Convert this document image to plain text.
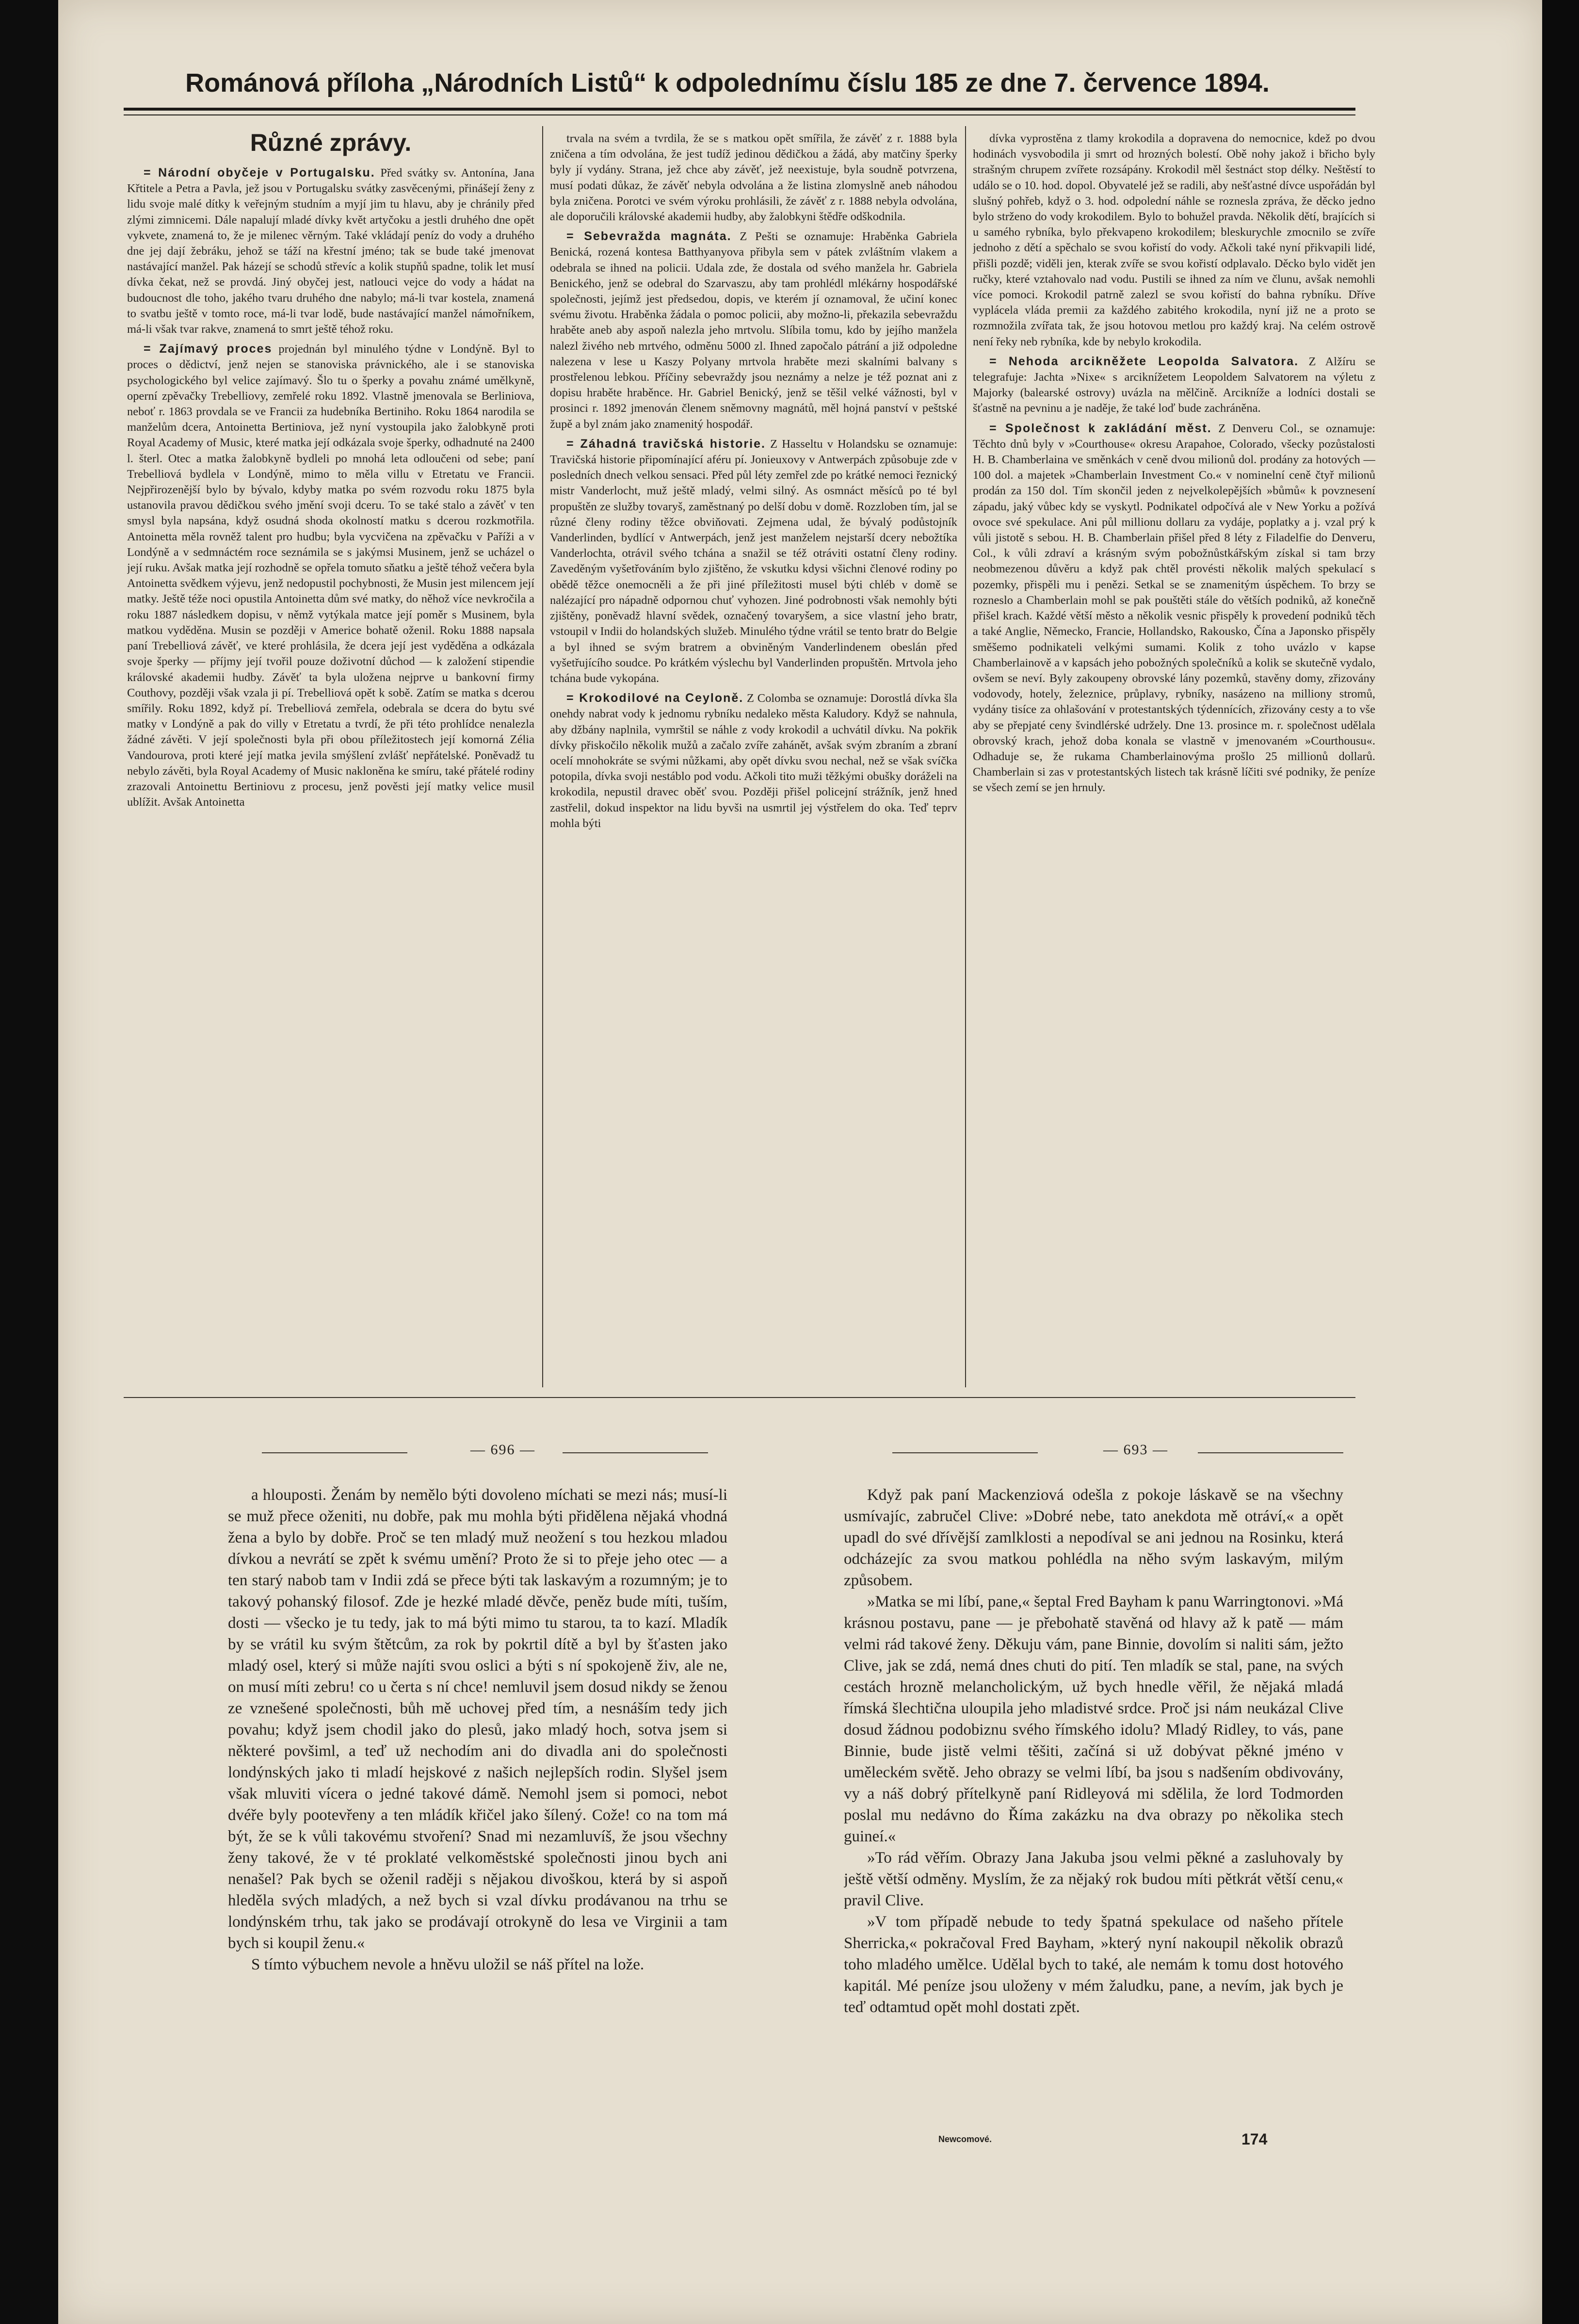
Románová příloha „Národních Listů“ k odpolednímu číslu 185 ze dne 7. července 1894.
Různé zprávy.

= Národní obyčeje v Portugalsku. Před svátky sv. Antonína, Jana Křtitele a Petra a Pavla, jež jsou v Portugalsku svátky zasvěcenými, přinášejí ženy z lidu svoje malé dítky k veřejným studním a myjí jim tu hlavu, aby je chránily před zlými zimnicemi. Dále napalují mladé dívky květ artyčoku a jestli druhého dne opět vykvete, znamená to, že je milenec věrným. Také vkládají peníz do vody a druhého dne jej dají žebráku, jehož se táží na křestní jméno; tak se bude také jmenovat nastávající manžel. Pak házejí se schodů střevíc a kolik stupňů spadne, tolik let musí dívka čekat, než se provdá. Jiný obyčej jest, natlouci vejce do vody a hádat na budoucnost dle toho, jakého tvaru druhého dne nabylo; má-li tvar kostela, znamená to svatbu ještě v tomto roce, má-li tvar lodě, bude nastávající manžel námořníkem, má-li však tvar rakve, znamená to smrt ještě téhož roku.

= Zajímavý proces projednán byl minulého týdne v Londýně. Byl to proces o dědictví, jenž nejen se stanoviska právnického, ale i se stanoviska psychologického byl velice zajímavý. Šlo tu o šperky a povahu známé umělkyně, operní zpěvačky Trebelliovy, zemřelé roku 1892. Vlastně jmenovala se Berliniova, neboť r. 1863 provdala se ve Francii za hudebníka Bertiniho. Roku 1864 narodila se manželům dcera, Antoinetta Bertiniova, jež nyní vystoupila jako žalobkyně proti Royal Academy of Music, které matka její odkázala svoje šperky, odhadnuté na 2400 l. šterl. Otec a matka žalobkyně bydleli po mnohá leta odloučeni od sebe; paní Trebelliová bydlela v Londýně, mimo to měla villu v Etretatu ve Francii. Nejpřirozenější bylo by bývalo, kdyby matka po svém rozvodu roku 1875 byla ustanovila pravou dědičkou svého jmění svoji dceru. To se také stalo a závěť v ten smysl byla napsána, když osudná shoda okolností matku s dcerou rozkmotřila. Antoinetta měla rovněž talent pro hudbu; byla vycvičena na zpěvačku v Paříži a v Londýně a v sedmnáctém roce seznámila se s jakýmsi Musinem, jenž se ucházel o její ruku. Avšak matka její rozhodně se opřela tomuto sňatku a ještě téhož večera byla Antoinetta svědkem výjevu, jenž nedopustil pochybnosti, že Musin jest milencem její matky. Ještě téže noci opustila Antoinetta dům své matky, do něhož více nevkročila a roku 1887 následkem dopisu, v němž vytýkala matce její poměr s Musinem, byla matkou vyděděna. Musin se později v Americe bohatě oženil. Roku 1888 napsala paní Trebelliová závěť, ve které prohlásila, že dcera její jest vyděděna a odkázala svoje šperky — příjmy její tvořil pouze doživotní důchod — k založení stipendie královské akademii hudby. Závěť ta byla uložena nejprve u bankovní firmy Couthovy, později však vzala ji pí. Trebelliová opět k sobě. Zatím se matka s dcerou smířily. Roku 1892, když pí. Trebelliová zemřela, odebrala se dcera do bytu své matky v Londýně a pak do villy v Etretatu a tvrdí, že při této prohlídce nenalezla žádné závěti. V její společnosti byla při obou příležitostech její komorná Zélia Vandourova, proti které její matka jevila smýšlení zvlášť nepřátelské. Poněvadž tu nebylo závěti, byla Royal Academy of Music nakloněna ke smíru, také přátelé rodiny zrazovali Antoinettu Bertiniovu z procesu, jenž pověsti její matky velice musil ublížit. Avšak Antoinetta

trvala na svém a tvrdila, že se s matkou opět smířila, že závěť z r. 1888 byla zničena a tím odvolána, že jest tudíž jedinou dědičkou a žádá, aby matčiny šperky byly jí vydány. Strana, jež chce aby závěť, jež neexistuje, byla soudně potvrzena, musí podati důkaz, že závěť nebyla odvolána a že listina zlomyslně aneb náhodou byla zničena. Porotci ve svém výroku prohlásili, že závěť z r. 1888 nebyla odvolána, ale doporučili královské akademii hudby, aby žalobkyni štědře odškodnila.

= Sebevražda magnáta. Z Pešti se oznamuje: Hraběnka Gabriela Benická, rozená kontesa Batthyanyova přibyla sem v pátek zvláštním vlakem a odebrala se ihned na policii. Udala zde, že dostala od svého manžela hr. Gabriela Benického, jenž se odebral do Szarvaszu, aby tam prohlédl mlékárny hospodářské společnosti, jejímž jest předsedou, dopis, ve kterém jí oznamoval, že učiní konec svému životu. Hraběnka žádala o pomoc policii, aby možno-li, překazila sebevraždu hraběte aneb aby aspoň nalezla jeho mrtvolu. Slíbila tomu, kdo by jejího manžela nalezl živého neb mrtvého, odměnu 5000 zl. Ihned započalo pátrání a již odpoledne nalezena v lese u Kaszy Polyany mrtvola hraběte mezi skalními balvany s prostřelenou lebkou. Příčiny sebevraždy jsou neznámy a nelze je též poznat ani z dopisu hraběte hraběnce. Hr. Gabriel Benický, jenž se těšil velké vážnosti, byl v prosinci r. 1892 jmenován členem sněmovny magnátů, měl hojná panství v peštské župě a byl znám jako znamenitý hospodář.

= Záhadná travičská historie. Z Hasseltu v Holandsku se oznamuje: Travičská historie připomínající aféru pí. Jonieuxovy v Antwerpách způsobuje zde v posledních dnech velkou sensaci. Před půl léty zemřel zde po krátké nemoci řeznický mistr Vanderlocht, muž ještě mladý, velmi silný. As osmnáct měsíců po té byl propuštěn ze služby tovaryš, zaměstnaný po delší dobu v domě. Rozzloben tím, jal se různé členy rodiny těžce obviňovati. Zejmena udal, že bývalý podůstojník Vanderlinden, bydlící v Antwerpách, jenž jest manželem nejstarší dcery nebožtíka Vanderlochta, otrávil svého tchána a snažil se též otráviti ostatní členy rodiny. Zaveděným vyšetřováním bylo zjištěno, že vskutku kdysi všichni členové rodiny po obědě těžce onemocněli a že při jiné příležitosti musel býti chléb v domě se nalézající pro nápadně odpornou chuť vyhozen. Jiné podrobnosti však nemohly býti zjištěny, poněvadž hlavní svědek, označený tovaryšem, a sice vlastní jeho bratr, vstoupil v Indii do holandských služeb. Minulého týdne vrátil se tento bratr do Belgie a byl ihned se svým bratrem a obviněným Vanderlindenem obeslán před vyšetřujícího soudce. Po krátkém výslechu byl Vanderlinden propuštěn. Mrtvola jeho tchána bude vykopána.

= Krokodilové na Ceyloně. Z Colomba se oznamuje: Dorostlá dívka šla onehdy nabrat vody k jednomu rybníku nedaleko města Kaludory. Když se nahnula, aby džbány naplnila, vymrštil se náhle z vody krokodil a uchvátil dívku. Na pokřik dívky přiskočilo několik mužů a začalo zvíře zahánět, avšak svým zbraním a zbraní ocelí mnohokráte se svými nůžkami, aby opět dívku svou nechal, než se však svíčka potopila, dívka svoji nestáblo pod vodu. Ačkoli tito muži těžkými obušky doráželi na krokodila, nepustil dravec oběť svou. Později přišel policejní strážník, jenž hned zastřelil, dokud inspektor na lidu byvši na usmrtil jej výstřelem do oka. Teď teprv mohla býti

dívka vyprostěna z tlamy krokodila a dopravena do nemocnice, kdež po dvou hodinách vysvobodila ji smrt od hrozných bolestí. Obě nohy jakož i břicho byly strašným chrupem zvířete rozsápány. Krokodil měl šestnáct stop délky. Neštěstí to událo se o 10. hod. dopol. Obyvatelé jež se radili, aby nešťastné dívce uspořádán byl slušný pohřeb, když o 3. hod. odpolední náhle se roznesla zpráva, že děcko jedno bylo strženo do vody krokodilem. Bylo to bohužel pravda. Několik dětí, brajících si u samého rybníka, bylo překvapeno krokodilem; bleskurychle zmocnilo se zvíře jednoho z dětí a spěchalo se svou kořistí do vody. Ačkoli také nyní přikvapili lidé, přišli pozdě; viděli jen, kterak zvíře se svou kořistí odplavalo. Děcko bylo vidět jen ručky, které vztahovalo nad vodu. Pustili se ihned za ním ve člunu, avšak nemohli více pomoci. Krokodil patrně zalezl se svou kořistí do bahna rybníku. Dříve vyplácela vláda premii za každého zabitého krokodila, nyní již ne a proto se rozmnožila zvířata tak, že jsou hotovou metlou pro každý kraj. Na celém ostrově není řeky neb rybníka, kde by nebylo krokodila.

= Nehoda arcikněžete Leopolda Salvatora. Z Alžíru se telegrafuje: Jachta »Nixe« s arciknížetem Leopoldem Salvatorem na výletu z Majorky (balearské ostrovy) uvázla na mělčině. Arcikníže a lodníci dostali se šťastně na pevninu a je naděje, že také loď bude zachráněna.

= Společnost k zakládání měst. Z Denveru Col., se oznamuje: Těchto dnů byly v »Courthouse« okresu Arapahoe, Colorado, všecky pozůstalosti H. B. Chamberlaina ve směnkách v ceně dvou milionů dol. prodány za hotových — 100 dol. a majetek »Chamberlain Investment Co.« v nominelní ceně čtyř milionů prodán za 150 dol. Tím skončil jeden z nejvelkolepějších »bůmů« k povznesení západu, jaký vůbec kdy se vyskytl. Podnikatel odpočívá ale v New Yorku a požívá ovoce své spekulace. Ani půl millionu dollaru za vydáje, poplatky a j. vzal prý k vůli jistotě s sebou. H. B. Chamberlain přišel před 8 léty z Filadelfie do Denveru, Col., k vůli zdraví a krásným svým pobožnůstkářským získal si tam brzy neobmezenou důvěru a když pak chtěl provésti několik malých spekulací s pozemky, přispěli mu i penězi. Setkal se se znamenitým úspěchem. To brzy se rozneslo a Chamberlain mohl se pak pouštěti stále do větších podniků, až konečně přišel krach. Každé větší město a několik vesnic přispěly k provedení podniků těch a také Anglie, Německo, Francie, Hollandsko, Rakousko, Čína a Japonsko přispěly směšemo podnikateli velkými sumami. Kolik z toho uvázlo v kapse Chamberlainově a v kapsách jeho pobožných společníků a kolik se skutečně vydalo, ovšem se neví. Byly zakoupeny obrovské lány pozemků, stavěny domy, zřizovány vodovody, hotely, železnice, průplavy, rybníky, nasázeno na milliony stromů, vydány tisíce za ohlašování v protestantských týdennících, zřizovány cesty a to vše aby se přepjaté ceny švindlérské udržely. Dne 13. prosince m. r. společnost udělala obrovský krach, jehož doba konala se vlastně v jmenovaném »Courthousu«. Odhaduje se, že rukama Chamberlainovýma prošlo 25 millionů dollarů. Chamberlain si zas v protestantských listech tak krásně líčiti své podniky, že peníze se všech zemí se jen hrnuly.

— 696 —	— 693 —

a hlouposti. Ženám by nemělo býti dovoleno míchati se mezi nás; musí-li se muž přece oženiti, nu dobře, pak mu mohla býti přidělena nějaká vhodná žena a bylo by dobře. Proč se ten mladý muž neožení s tou hezkou mladou dívkou a nevrátí se zpět k svému umění? Proto že si to přeje jeho otec — a ten starý nabob tam v Indii zdá se přece býti tak laskavým a rozumným; je to takový pohanský filosof. Zde je hezké mladé děvče, peněz bude míti, tuším, dosti — všecko je tu tedy, jak to má býti mimo tu starou, ta to kazí. Mladík by se vrátil ku svým štětcům, za rok by pokrtil dítě a byl by šťasten jako mladý osel, který si může najíti svou oslici a býti s ní spokojeně živ, ale ne, on musí míti zebru! co u čerta s ní chce! nemluvil jsem dosud nikdy se ženou ze vznešené společnosti, bůh mě uchovej před tím, a nesnáším tedy jich povahu; když jsem chodil jako do plesů, jako mladý hoch, sotva jsem si některé povšiml, a teď už nechodím ani do divadla ani do společnosti londýnských jako ti mladí hejskové z našich nejlepších rodin. Slyšel jsem však mluviti vícera o jedné takové dámě. Nemohl jsem si pomoci, nebot dvéře byly pootevřeny a ten mládík křičel jako šílený. Cože! co na tom má být, že se k vůli takovému stvoření? Snad mi nezamluvíš, že jsou všechny ženy takové, že v té proklaté velkoměstské společnosti jinou bych ani nenašel? Pak bych se oženil raději s nějakou divoškou, která by si aspoň hleděla svých mladých, a než bych si vzal dívku prodávanou na trhu se londýnském trhu, tak jako se prodávají otrokyně do lesa ve Virginii a tam bych si koupil ženu.«

S tímto výbuchem nevole a hněvu uložil se náš přítel na lože.

Když pak paní Mackenziová odešla z pokoje láskavě se na všechny usmívajíc, zabručel Clive: »Dobré nebe, tato anekdota mě otráví,« a opět upadl do své dřívější zamlklosti a nepodíval se ani jednou na Rosinku, která odcházejíc za svou matkou pohlédla na něho svým laskavým, milým způsobem.

»Matka se mi líbí, pane,« šeptal Fred Bayham k panu Warringtonovi. »Má krásnou postavu, pane — je přebohatě stavěná od hlavy až k patě — mám velmi rád takové ženy. Děkuju vám, pane Binnie, dovolím si naliti sám, ježto Clive, jak se zdá, nemá dnes chuti do pití. Ten mladík se stal, pane, na svých cestách hrozně melancholickým, už bych hnedle věřil, že nějaká mladá římská šlechtična uloupila jeho mladistvé srdce. Proč jsi nám neukázal Clive dosud žádnou podobiznu svého římského idolu? Mladý Ridley, to vás, pane Binnie, bude jistě velmi těšiti, začíná si už dobývat pěkné jméno v uměleckém světě. Jeho obrazy se velmi líbí, ba jsou s nadšením obdivovány, vy a náš dobrý přítelkyně paní Ridleyová mi sdělila, že lord Todmorden poslal mu nedávno do Říma zakázku na dva obrazy po několika stech guineí.«

»To rád věřím. Obrazy Jana Jakuba jsou velmi pěkné a zasluhovaly by ještě větší odměny. Myslím, že za nějaký rok budou míti pětkrát větší cenu,« pravil Clive.

»V tom případě nebude to tedy špatná spekulace od našeho přítele Sherricka,« pokračoval Fred Bayham, »který nyní nakoupil několik obrazů toho mladého umělce. Udělal bych to také, ale nemám k tomu dost hotového kapitál. Mé peníze jsou uloženy v mém žaludku, pane, a nevím, jak bych je teď odtamtud opět mohl dostati zpět.

Newcomové.	174
